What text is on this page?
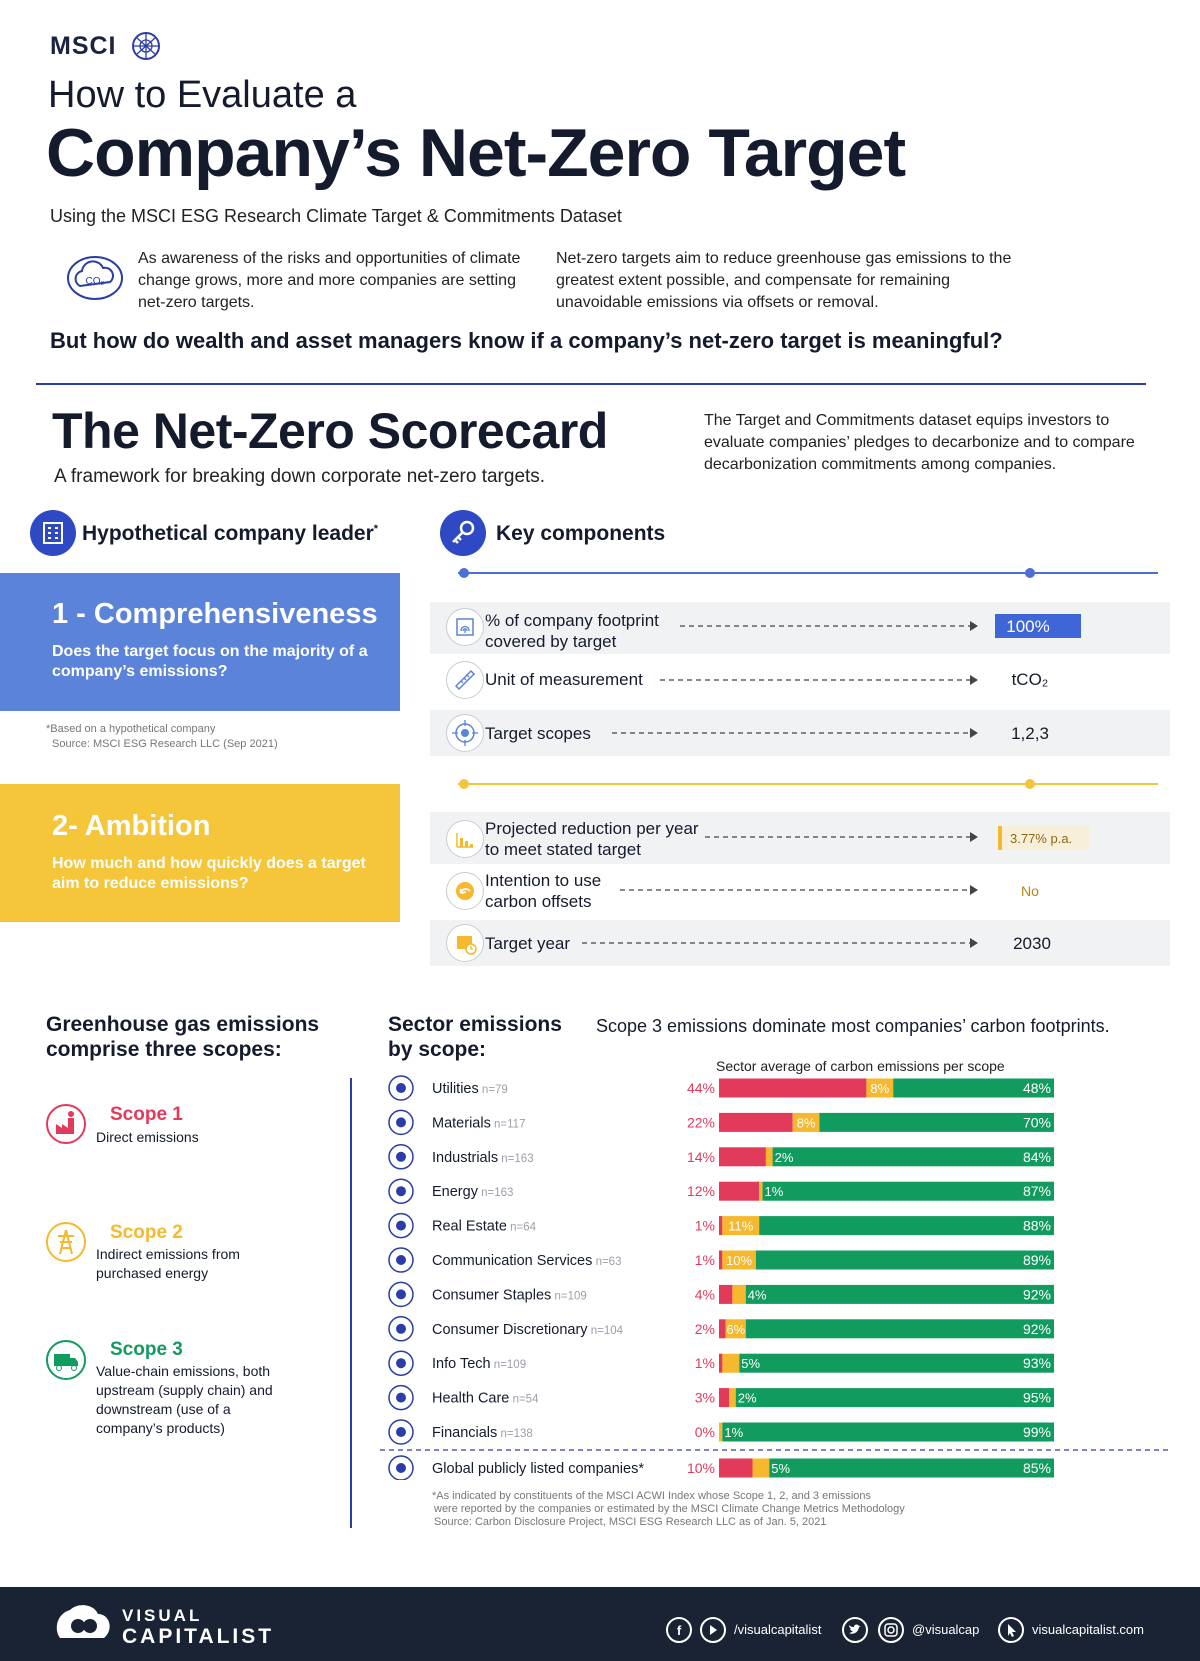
MSCI
How to Evaluate a
Company’s Net-Zero Target
Using the MSCI ESG Research Climate Target & Commitments Dataset
CO₂
As awareness of the risks and opportunities of climate change grows, more and more companies are setting net-zero targets.
Net-zero targets aim to reduce greenhouse gas emissions to the greatest extent possible, and compensate for remaining unavoidable emissions via offsets or removal.
But how do wealth and asset managers know if a company’s net-zero target is meaningful?
The Net-Zero Scorecard
A framework for breaking down corporate net-zero targets.
The Target and Commitments dataset equips investors to evaluate companies’ pledges to decarbonize and to compare decarbonization commitments among companies.
Hypothetical company leader*	Key components
1 - Comprehensiveness
Does the target focus on the majority of a company’s emissions?
% of company footprint covered by target
100%
Unit of measurement	tCO₂
Target scopes	1,2,3
*Based on a hypothetical company
Source: MSCI ESG Research LLC (Sep 2021)
2- Ambition
How much and how quickly does a target aim to reduce emissions?
Projected reduction per year to meet stated target
3.77% p.a.
Intention to use carbon offsets
No
Target year	2030
Greenhouse gas emissions comprise three scopes:
Scope 1
Direct emissions
Scope 2
Indirect emissions from purchased energy
Scope 3
Value-chain emissions, both upstream (supply chain) and downstream (use of a company’s products)
Sector emissions by scope:
Scope 3 emissions dominate most companies’ carbon footprints.
Sector average of carbon emissions per scope
Utilities n=79	44%	8%	48%
Materials n=117	22%	8%	70%
Industrials n=163	14%	2%	84%
Energy n=163	12%	1%	87%
Real Estate n=64	1% 11%	88%
Communication Services n=63	1% 10%	89%
Consumer Staples n=109	4%	4%	92%
Consumer Discretionary n=104	2% 6%	92%
Info Tech n=109	1% 5%	93%
Health Care n=54	3% 2%	95%
Financials n=138	0% 1%	99%
Global publicly listed companies*	10%	5%	85%
*As indicated by constituents of the MSCI ACWI Index whose Scope 1, 2, and 3 emissions
were reported by the companies or estimated by the MSCI Climate Change Metrics Methodology
Source: Carbon Disclosure Project, MSCI ESG Research LLC as of Jan. 5, 2021
VISUAL
CAPITALIST	f	/visualcapitalist	@visualcap	visualcapitalist.com
